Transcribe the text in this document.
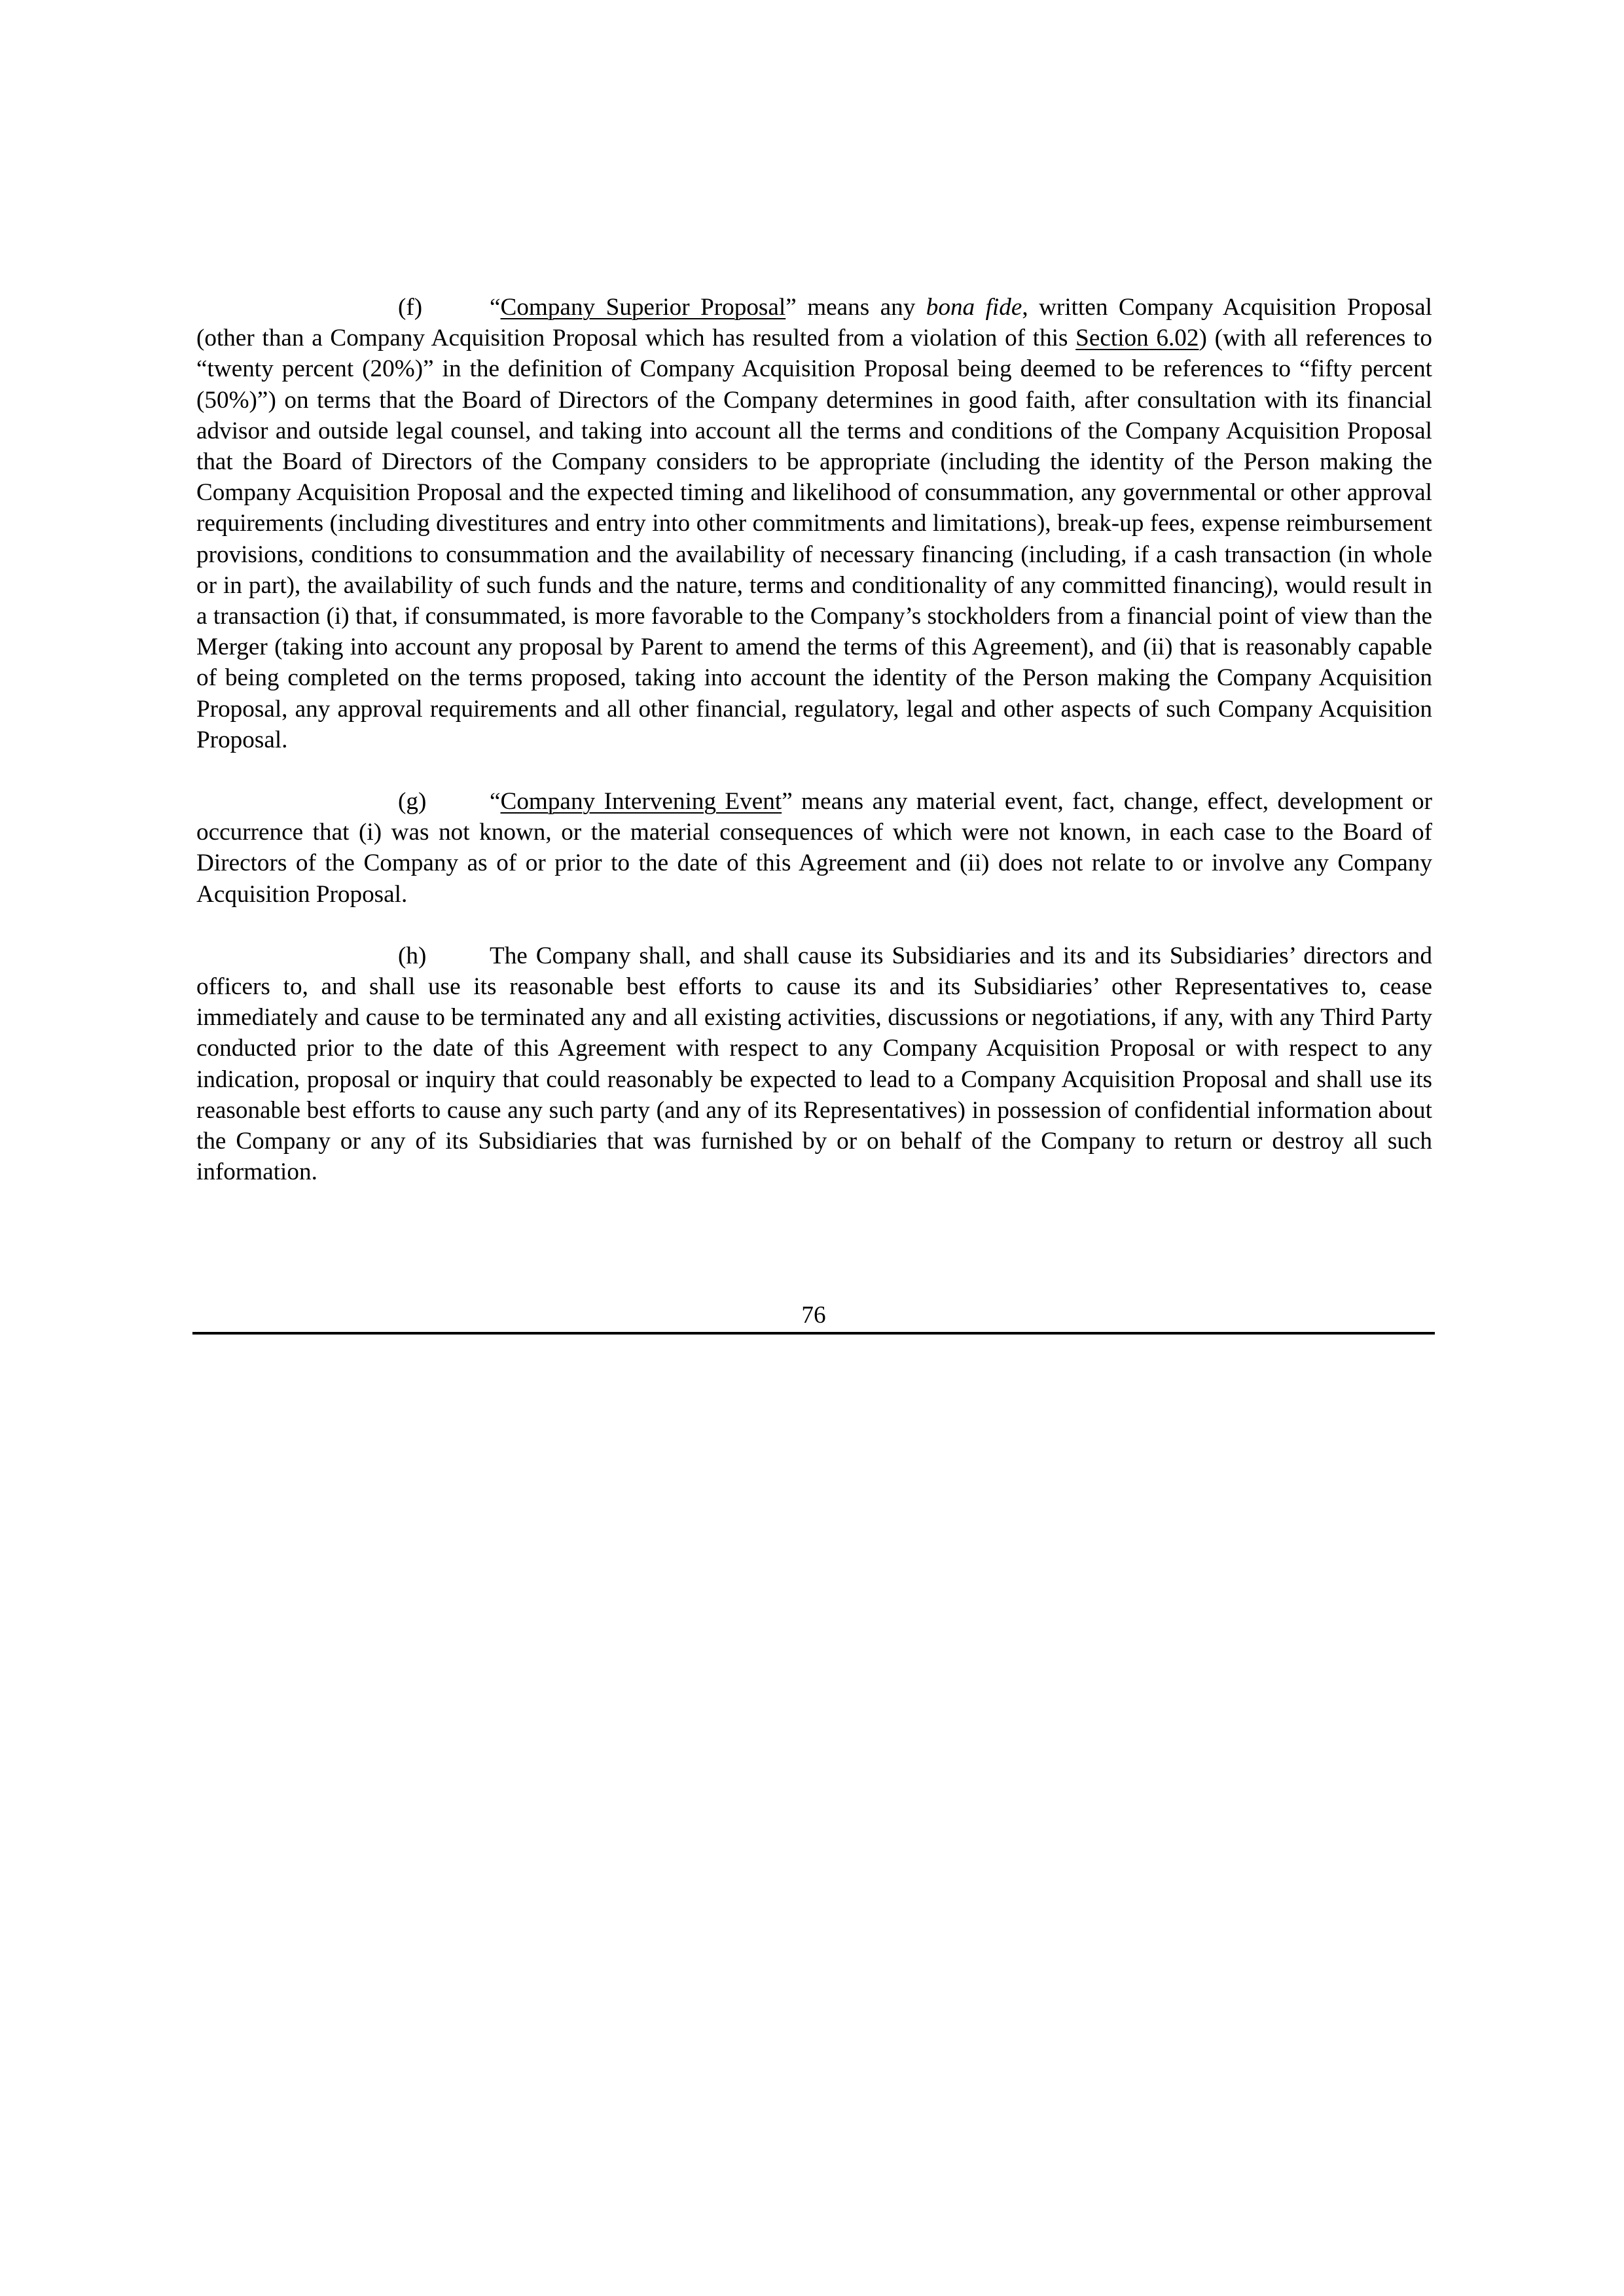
(f)	“Company Superior Proposal” means any bona fide, written Company Acquisition Proposal (other than a Company Acquisition Proposal which has resulted from a violation of this Section 6.02) (with all references to “twenty percent (20%)” in the definition of Company Acquisition Proposal being deemed to be references to “fifty percent (50%)”) on terms that the Board of Directors of the Company determines in good faith, after consultation with its financial advisor and outside legal counsel, and taking into account all the terms and conditions of the Company Acquisition Proposal that the Board of Directors of the Company considers to be appropriate (including the identity of the Person making the Company Acquisition Proposal and the expected timing and likelihood of consummation, any governmental or other approval requirements (including divestitures and entry into other commitments and limitations), break-up fees, expense reimbursement provisions, conditions to consummation and the availability of necessary financing (including, if a cash transaction (in whole or in part), the availability of such funds and the nature, terms and conditionality of any committed financing), would result in a transaction (i) that, if consummated, is more favorable to the Company’s stockholders from a financial point of view than the Merger (taking into account any proposal by Parent to amend the terms of this Agreement), and (ii) that is reasonably capable of being completed on the terms proposed, taking into account the identity of the Person making the Company Acquisition Proposal, any approval requirements and all other financial, regulatory, legal and other aspects of such Company Acquisition Proposal.

(g)	“Company Intervening Event” means any material event, fact, change, effect, development or occurrence that (i) was not known, or the material consequences of which were not known, in each case to the Board of Directors of the Company as of or prior to the date of this Agreement and (ii) does not relate to or involve any Company Acquisition Proposal.

(h)	The Company shall, and shall cause its Subsidiaries and its and its Subsidiaries’ directors and officers to, and shall use its reasonable best efforts to cause its and its Subsidiaries’ other Representatives to, cease immediately and cause to be terminated any and all existing activities, discussions or negotiations, if any, with any Third Party conducted prior to the date of this Agreement with respect to any Company Acquisition Proposal or with respect to any indication, proposal or inquiry that could reasonably be expected to lead to a Company Acquisition Proposal and shall use its reasonable best efforts to cause any such party (and any of its Representatives) in possession of confidential information about the Company or any of its Subsidiaries that was furnished by or on behalf of the Company to return or destroy all such information.

76
